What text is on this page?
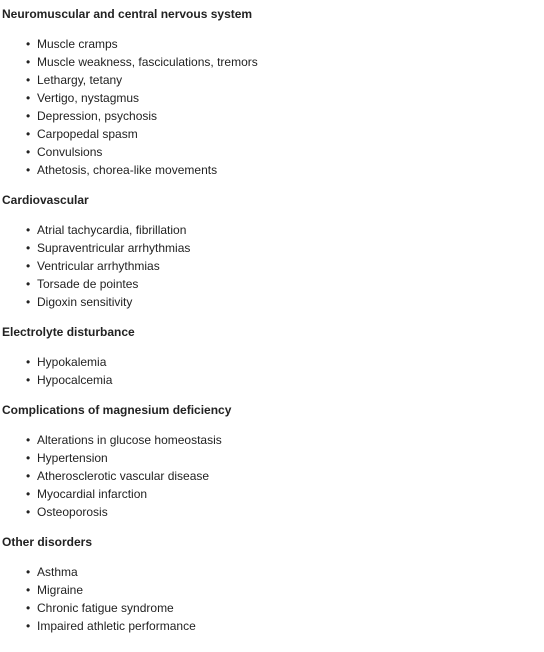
Neuromuscular and central nervous system
• Muscle cramps
• Muscle weakness, fasciculations, tremors
• Lethargy, tetany
• Vertigo, nystagmus
• Depression, psychosis
• Carpopedal spasm
• Convulsions
• Athetosis, chorea-like movements
Cardiovascular
• Atrial tachycardia, fibrillation
• Supraventricular arrhythmias
• Ventricular arrhythmias
• Torsade de pointes
• Digoxin sensitivity
Electrolyte disturbance
• Hypokalemia
• Hypocalcemia
Complications of magnesium deficiency
• Alterations in glucose homeostasis
• Hypertension
• Atherosclerotic vascular disease
• Myocardial infarction
• Osteoporosis
Other disorders
• Asthma
• Migraine
• Chronic fatigue syndrome
• Impaired athletic performance
